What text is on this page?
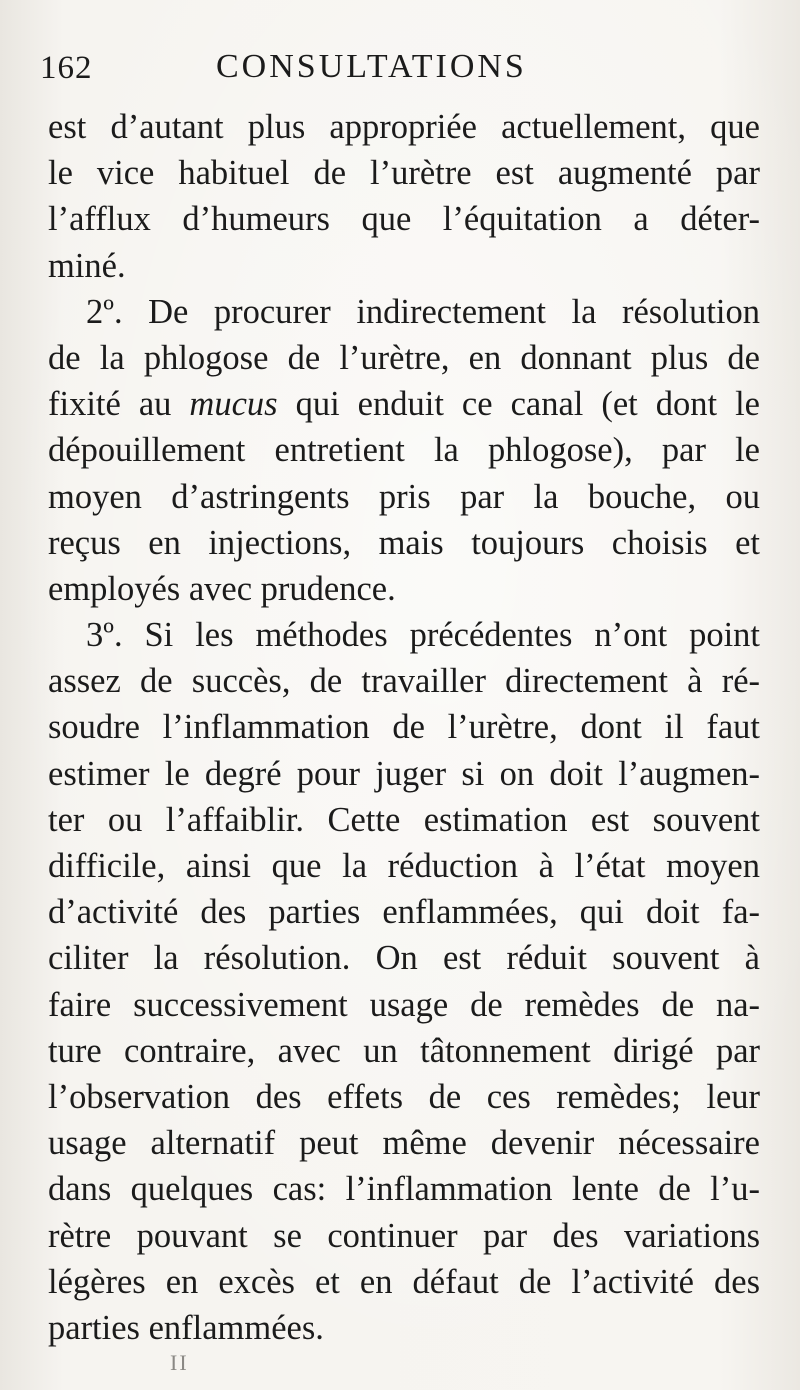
162	CONSULTATIONS
est d’autant plus appropriée actuellement, que
le vice habituel de l’urètre est augmenté par
l’afflux d’humeurs que l’équitation a déter-
miné.
2º. De procurer indirectement la résolution
de la phlogose de l’urètre, en donnant plus de
fixité au mucus qui enduit ce canal (et dont le
dépouillement entretient la phlogose), par le
moyen d’astringents pris par la bouche, ou
reçus en injections, mais toujours choisis et
employés avec prudence.
3º. Si les méthodes précédentes n’ont point
assez de succès, de travailler directement à ré-
soudre l’inflammation de l’urètre, dont il faut
estimer le degré pour juger si on doit l’augmen-
ter ou l’affaiblir. Cette estimation est souvent
difficile, ainsi que la réduction à l’état moyen
d’activité des parties enflammées, qui doit fa-
ciliter la résolution. On est réduit souvent à
faire successivement usage de remèdes de na-
ture contraire, avec un tâtonnement dirigé par
l’observation des effets de ces remèdes; leur
usage alternatif peut même devenir nécessaire
dans quelques cas: l’inflammation lente de l’u-
rètre pouvant se continuer par des variations
légères en excès et en défaut de l’activité des
parties enflammées.
II
